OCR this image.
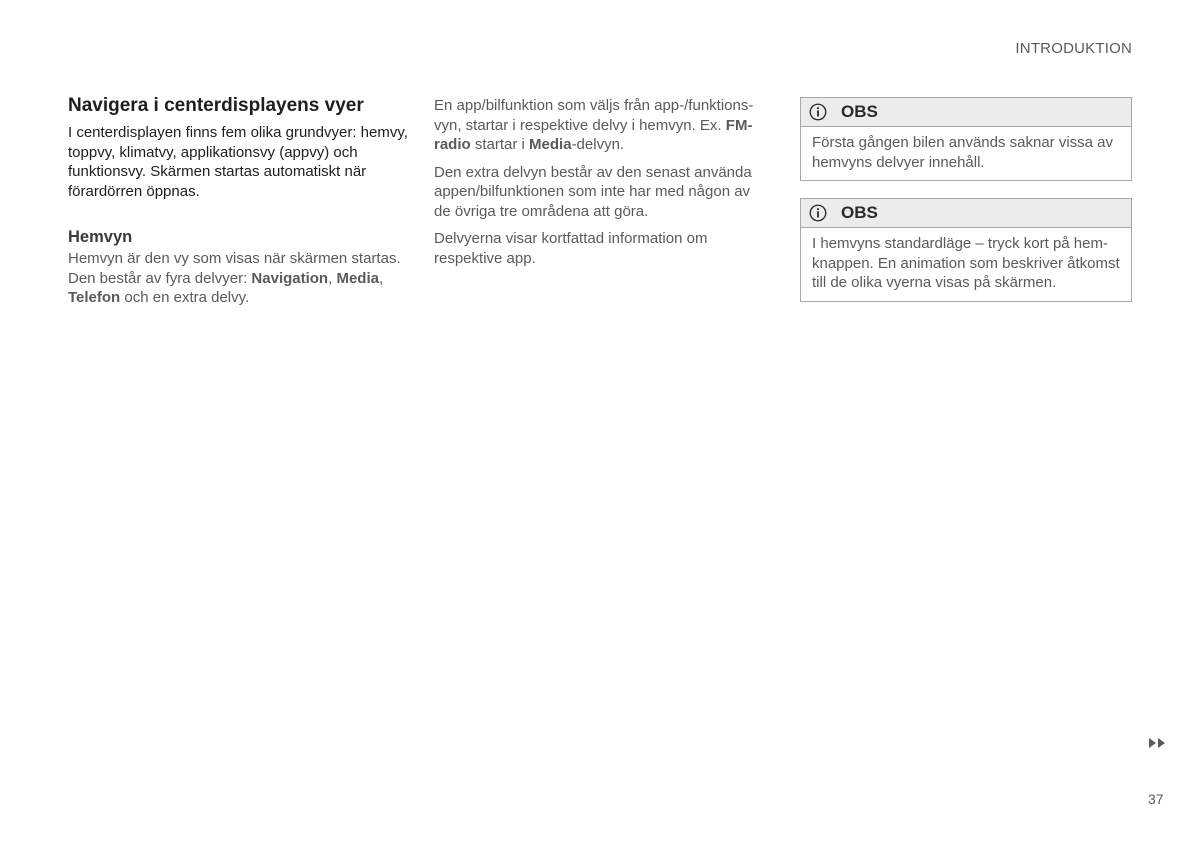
INTRODUKTION
Navigera i centerdisplayens vyer

I centerdisplayen finns fem olika grundvyer: hemvy, toppvy, klimatvy, applikationsvy (appvy) och funktionsvy. Skärmen startas automatiskt när förardörren öppnas.

Hemvyn

Hemvyn är den vy som visas när skärmen startas. Den består av fyra delvyer: Navigation, Media,
Telefon och en extra delvy.

En app/bilfunktion som väljs från app-/funktions-vyn, startar i respektive delvy i hemvyn. Ex. FM-radio startar i Media-delvyn.

Den extra delvyn består av den senast använda appen/bilfunktionen som inte har med någon av de övriga tre områdena att göra.

Delvyerna visar kortfattad information om respektive app.

OBS
Första gången bilen används saknar vissa av hemvyns delvyer innehåll.
OBS
I hemvyns standardläge – tryck kort på hem-knappen. En animation som beskriver åtkomst till de olika vyerna visas på skärmen.
37
